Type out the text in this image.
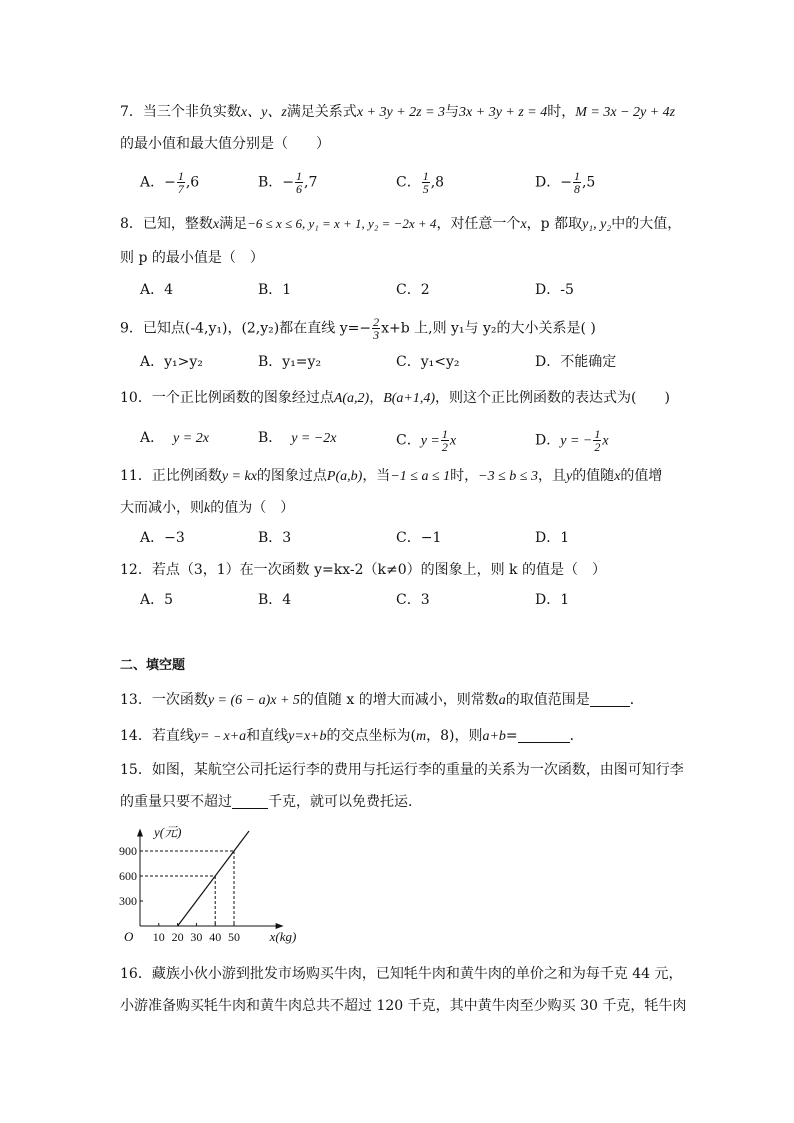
7．当三个非负实数x、y、z满足关系式x + 3y + 2z = 3与3x + 3y + z = 4时，M = 3x − 2y + 4z
的最小值和最大值分别是（　　）
A．− $\frac{1}{7} ,6$	B．− $\frac{1}{6} ,7$	C． $\frac{1}{5} ,8$	D．− $\frac{1}{8} ,5$
8．已知，整数x满足−6 ≤ x ≤ 6, y₁ = x + 1, y₂ = −2x + 4，对任意一个x，p 都取y₁, y₂中的大值，
则 p 的最小值是（　）
A．4	B．1	C．2	D．-5
9．已知点(-4,y₁)，(2,y₂)都在直线 $y=- \frac{2}{3} x+b$ 上,则 y₁与 y₂的大小关系是( )
A．y₁>y₂	B．y₁=y₂	C．y₁<y₂	D．不能确定
10．一个正比例函数的图象经过点A(a,2)，B(a+1,4)，则这个正比例函数的表达式为(　　)
A． y = 2x	B． y = −2x	C．$y = \frac{1}{2}$ x	D．y = − $\frac{1}{2}$ x
11．正比例函数y = kx的图象过点P(a,b)，当−1 ≤ a ≤ 1时，−3 ≤ b ≤ 3，且y的值随x的值增
大而减小，则k的值为（　）
A．−3	B．3	C．−1	D．1
12．若点（3，1）在一次函数 y=kx-2（k≠0）的图象上，则 k 的值是（　）
A．5	B．4	C．3	D．1
二、填空题
13．一次函数y = (6 − a)x + 5的值随 x 的增大而减小，则常数a的取值范围是	．
14．若直线y=﹣x+a和直线y=x+b的交点坐标为(m，8)，则a+b=	．
15．如图，某航空公司托运行李的费用与托运行李的重量的关系为一次函数，由图可知行李
的重量只要不超过	千克，就可以免费托运．
y(元)
x(kg)
O 10 20 30 40 50
300
600
900
16．藏族小伙小游到批发市场购买牛肉，已知牦牛肉和黄牛肉的单价之和为每千克 44 元，
小游准备购买牦牛肉和黄牛肉总共不超过 120 千克，其中黄牛肉至少购买 30 千克，牦牛肉
